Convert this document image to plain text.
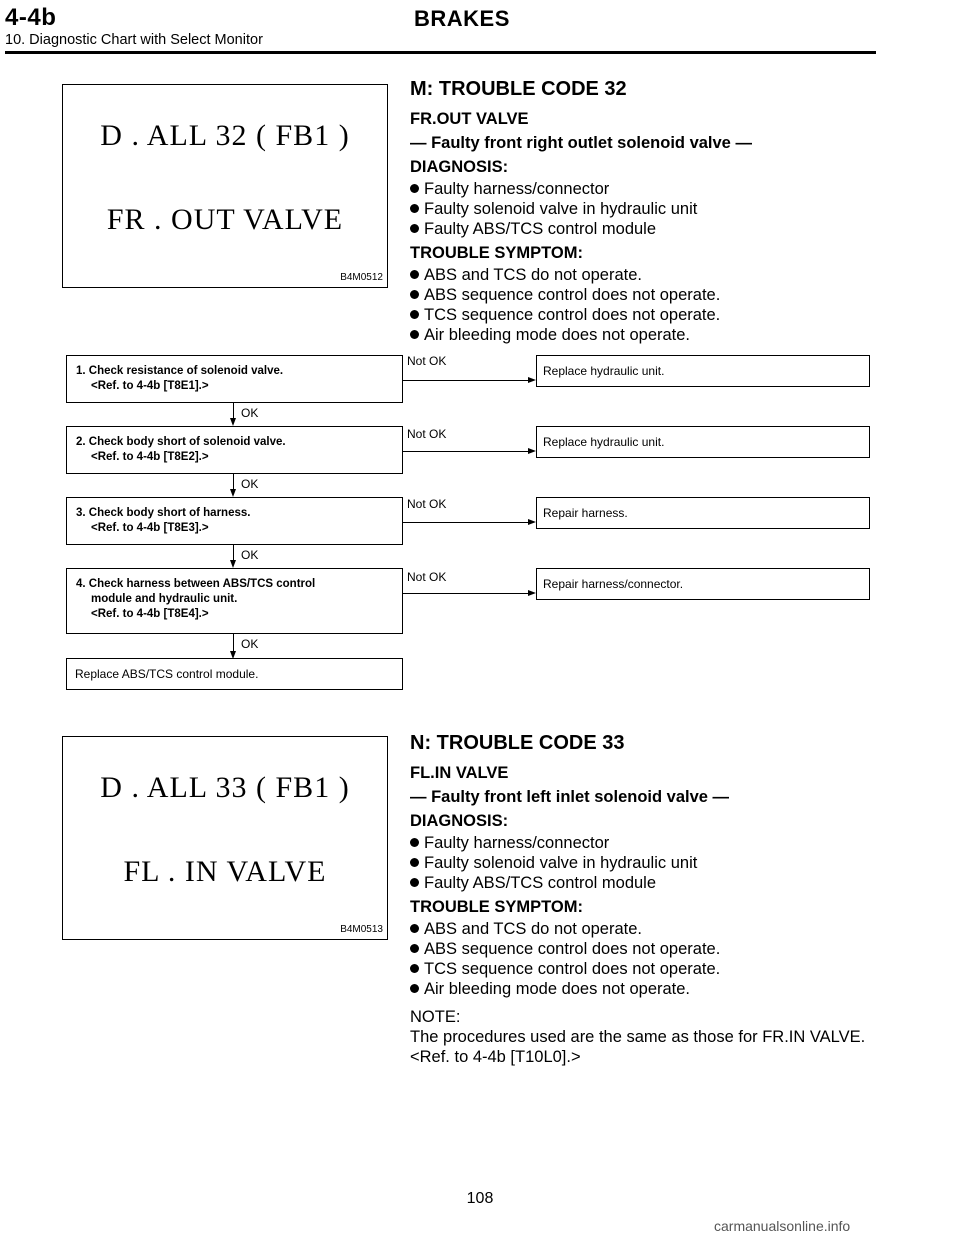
4-4b	BRAKES
10. Diagnostic Chart with Select Monitor
D . ALL 32 ( FB1 )
FR . OUT VALVE
B4M0512
M: TROUBLE CODE 32
FR.OUT VALVE
— Faulty front right outlet solenoid valve —
DIAGNOSIS:
Faulty harness/connector
Faulty solenoid valve in hydraulic unit
Faulty ABS/TCS control module
TROUBLE SYMPTOM:
ABS and TCS do not operate.
ABS sequence control does not operate.
TCS sequence control does not operate.
Air bleeding mode does not operate.
1. Check resistance of solenoid valve.
<Ref. to 4-4b [T8E1].>
Not OK
Replace hydraulic unit.
OK
2. Check body short of solenoid valve.
<Ref. to 4-4b [T8E2].>
Not OK
Replace hydraulic unit.
OK
3. Check body short of harness.
<Ref. to 4-4b [T8E3].>
Not OK
Repair harness.
OK
4. Check harness between ABS/TCS control
module and hydraulic unit.
<Ref. to 4-4b [T8E4].>
Not OK	Repair harness/connector.
OK
Replace ABS/TCS control module.
D . ALL 33 ( FB1 )
FL . IN VALVE
B4M0513
N: TROUBLE CODE 33
FL.IN VALVE
— Faulty front left inlet solenoid valve —
DIAGNOSIS:
Faulty harness/connector
Faulty solenoid valve in hydraulic unit
Faulty ABS/TCS control module
TROUBLE SYMPTOM:
ABS and TCS do not operate.
ABS sequence control does not operate.
TCS sequence control does not operate.
Air bleeding mode does not operate.
NOTE:
The procedures used are the same as those for FR.IN VALVE.
<Ref. to 4-4b [T10L0].>
108
carmanualsonline.info
